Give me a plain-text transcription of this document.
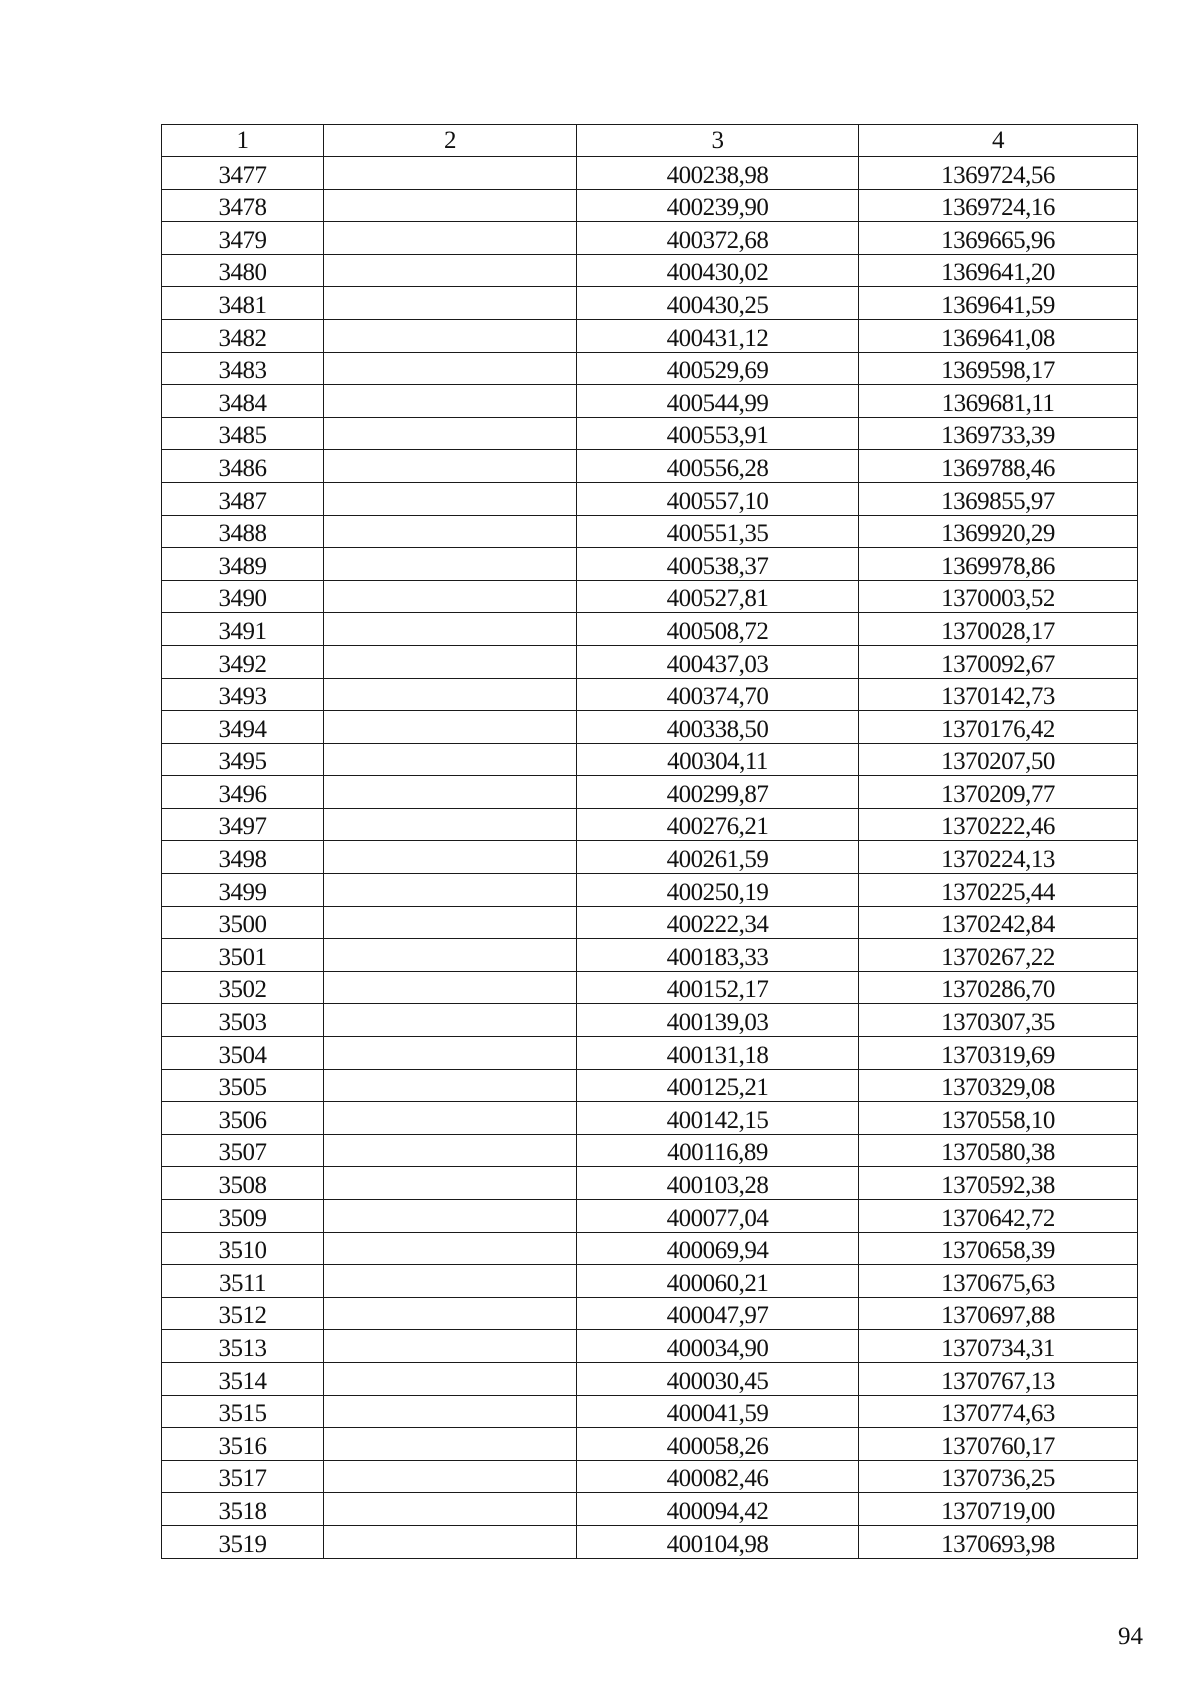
1	2	3	4
3477		400238,98	1369724,56
3478		400239,90	1369724,16
3479		400372,68	1369665,96
3480		400430,02	1369641,20
3481		400430,25	1369641,59
3482		400431,12	1369641,08
3483		400529,69	1369598,17
3484		400544,99	1369681,11
3485		400553,91	1369733,39
3486		400556,28	1369788,46
3487		400557,10	1369855,97
3488		400551,35	1369920,29
3489		400538,37	1369978,86
3490		400527,81	1370003,52
3491		400508,72	1370028,17
3492		400437,03	1370092,67
3493		400374,70	1370142,73
3494		400338,50	1370176,42
3495		400304,11	1370207,50
3496		400299,87	1370209,77
3497		400276,21	1370222,46
3498		400261,59	1370224,13
3499		400250,19	1370225,44
3500		400222,34	1370242,84
3501		400183,33	1370267,22
3502		400152,17	1370286,70
3503		400139,03	1370307,35
3504		400131,18	1370319,69
3505		400125,21	1370329,08
3506		400142,15	1370558,10
3507		400116,89	1370580,38
3508		400103,28	1370592,38
3509		400077,04	1370642,72
3510		400069,94	1370658,39
3511		400060,21	1370675,63
3512		400047,97	1370697,88
3513		400034,90	1370734,31
3514		400030,45	1370767,13
3515		400041,59	1370774,63
3516		400058,26	1370760,17
3517		400082,46	1370736,25
3518		400094,42	1370719,00
3519		400104,98	1370693,98
94
